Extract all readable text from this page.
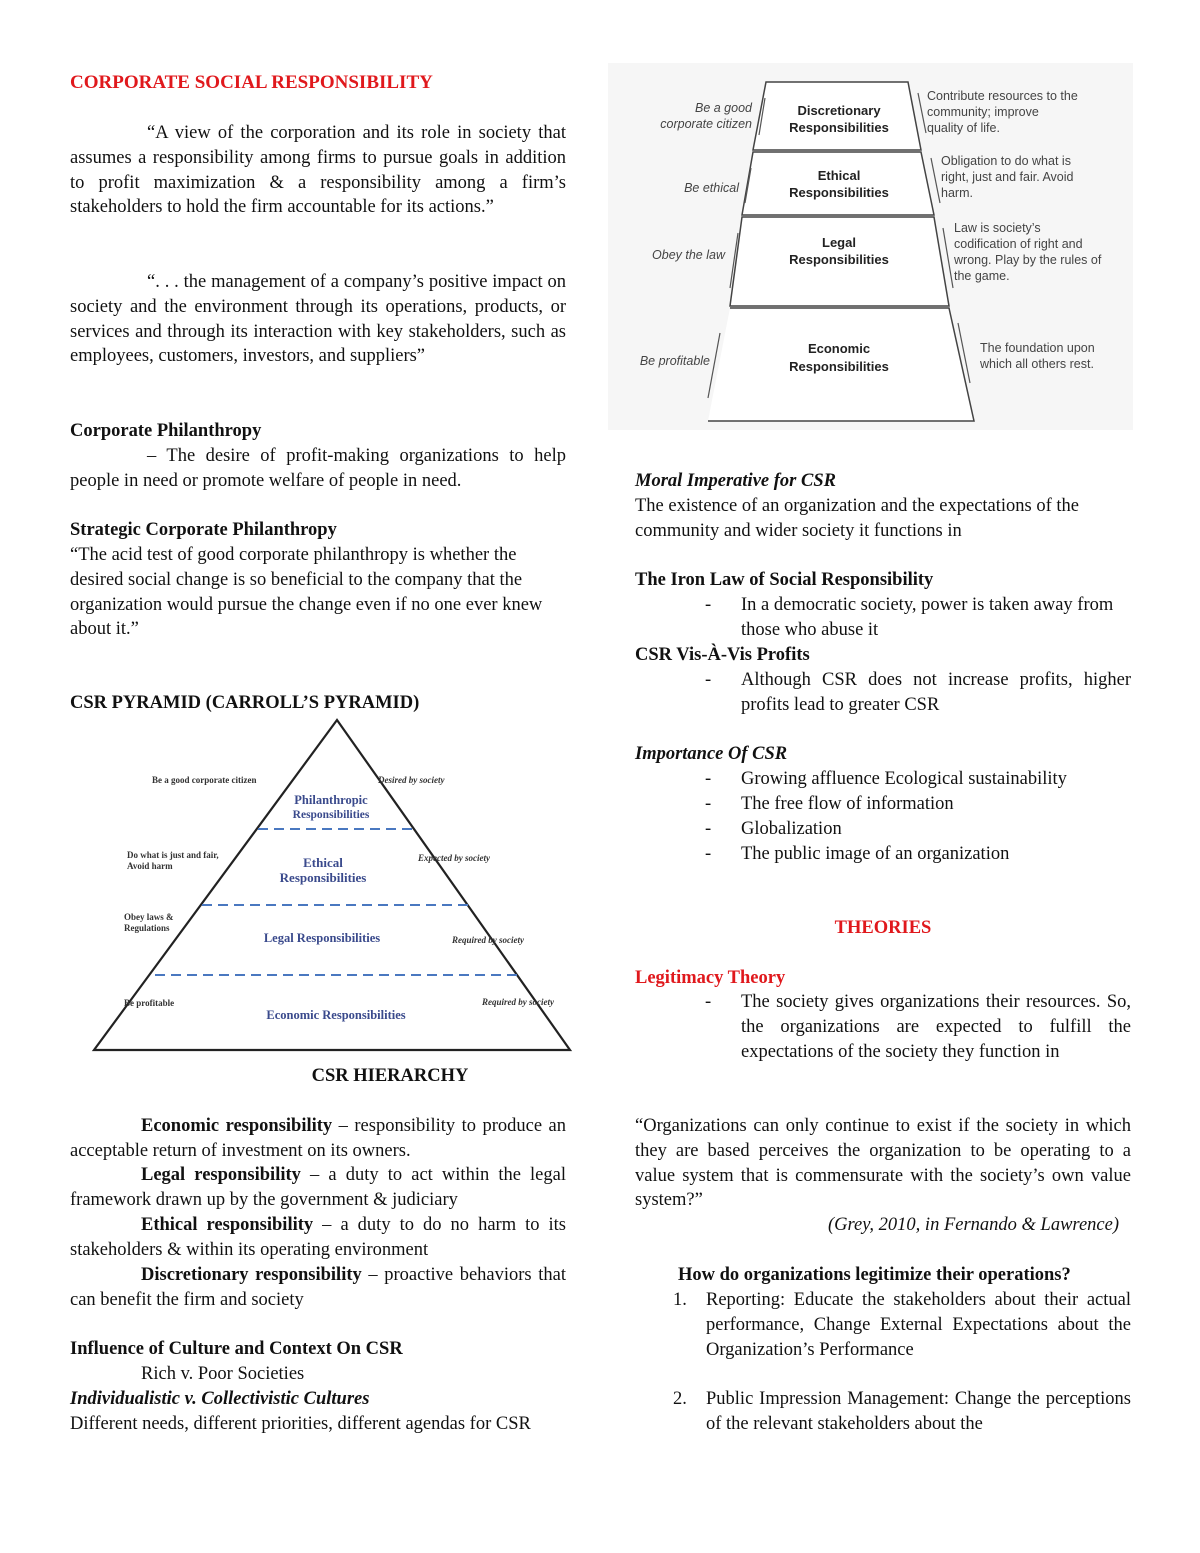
CORPORATE SOCIAL RESPONSIBILITY
“A view of the corporation and its role in society that assumes a responsibility among firms to pursue goals in addition to profit maximization & a responsibility among a firm’s stakeholders to hold the firm accountable for its actions.”
“. . . the management of a company’s positive impact on society and the environment through its operations, products, or services and through its interaction with key stakeholders, such as employees, customers, investors, and suppliers”
Corporate Philanthropy
– The desire of profit-making organizations to help people in need or promote welfare of people in need.
Strategic Corporate Philanthropy
“The acid test of good corporate philanthropy is whether the desired social change is so beneficial to the company that the organization would pursue the change even if no one ever knew about it.”
CSR PYRAMID (CARROLL’S PYRAMID)
Philanthropic
Responsibilities
Ethical
Responsibilities
Legal Responsibilities
Economic Responsibilities
Be a good corporate citizen
Do what is just and fair,
Avoid harm
Obey laws &
Regulations
Be profitable
Desired by society
Expected by society
Required by society
Required by society
CSR HIERARCHY
Economic responsibility – responsibility to produce an acceptable return of investment on its owners.
Legal responsibility – a duty to act within the legal framework drawn up by the government & judiciary
Ethical responsibility – a duty to do no harm to its stakeholders & within its operating environment
Discretionary responsibility – proactive behaviors that can benefit the firm and society
Influence of Culture and Context On CSR
Rich v. Poor Societies
Individualistic v. Collectivistic Cultures
Different needs, different priorities, different agendas for CSR
Discretionary
Responsibilities
Ethical
Responsibilities
Legal
Responsibilities
Economic
Responsibilities
Be a good
corporate citizen
Be ethical
Obey the law
Be profitable
Contribute resources to the
community; improve
quality of life.
Obligation to do what is
right, just and fair. Avoid
harm.
Law is society’s
codification of right and
wrong. Play by the rules of
the game.
The foundation upon
which all others rest.
Moral Imperative for CSR
The existence of an organization and the expectations of the community and wider society it functions in
The Iron Law of Social Responsibility
- In a democratic society, power is taken away from those who abuse it
CSR Vis-À-Vis Profits
- Although CSR does not increase profits, higher profits lead to greater CSR
Importance Of CSR
- Growing affluence Ecological sustainability
- The free flow of information
- Globalization
- The public image of an organization
THEORIES
Legitimacy Theory
- The society gives organizations their resources. So, the organizations are expected to fulfill the expectations of the society they function in
“Organizations can only continue to exist if the society in which they are based perceives the organization to be operating to a value system that is commensurate with the society’s own value system?”
(Grey, 2010, in Fernando & Lawrence)
How do organizations legitimize their operations?
1. Reporting: Educate the stakeholders about their actual performance, Change External Expectations about the Organization’s Performance
2. Public Impression Management: Change the perceptions of the relevant stakeholders about the
